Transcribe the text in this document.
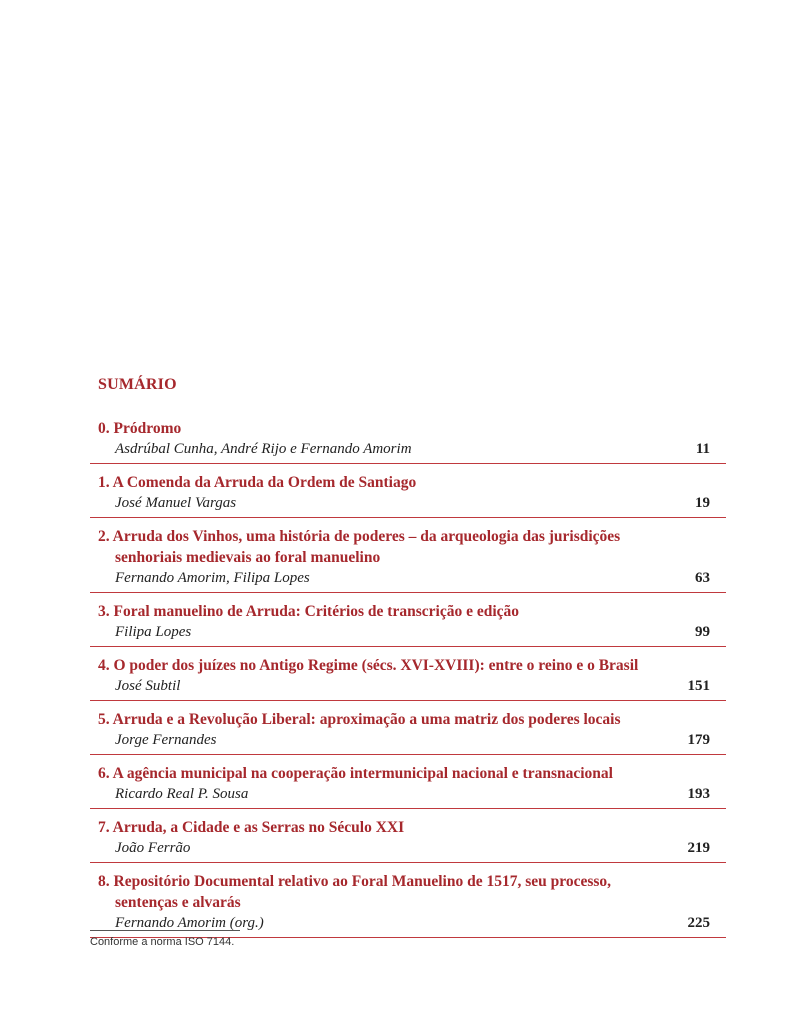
SUMÁRIO
0. Pródromo
Asdrúbal Cunha, André Rijo e Fernando Amorim	11
1. A Comenda da Arruda da Ordem de Santiago
José Manuel Vargas	19
2. Arruda dos Vinhos, uma história de poderes – da arqueologia das jurisdições
senhoriais medievais ao foral manuelino
Fernando Amorim, Filipa Lopes	63
3. Foral manuelino de Arruda: Critérios de transcrição e edição
Filipa Lopes	99
4. O poder dos juízes no Antigo Regime (sécs. XVI-XVIII): entre o reino e o Brasil
José Subtil	151
5. Arruda e a Revolução Liberal: aproximação a uma matriz dos poderes locais
Jorge Fernandes	179
6. A agência municipal na cooperação intermunicipal nacional e transnacional
Ricardo Real P. Sousa	193
7. Arruda, a Cidade e as Serras no Século XXI
João Ferrão	219
8. Repositório Documental relativo ao Foral Manuelino de 1517, seu processo,
sentenças e alvarás
Fernando Amorim (org.)	225
Conforme a norma ISO 7144.
